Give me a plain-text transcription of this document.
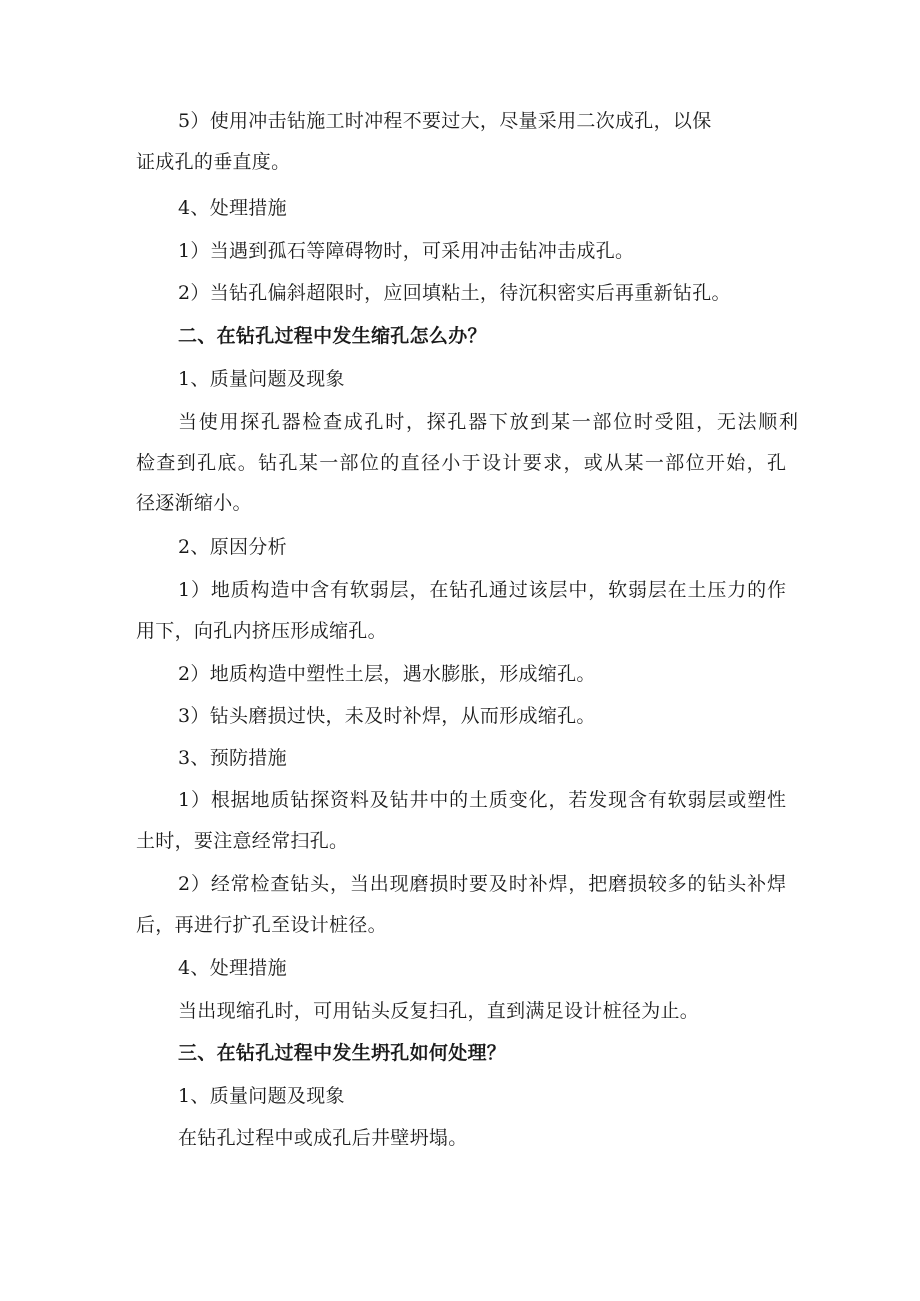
5）使用冲击钻施工时冲程不要过大，尽量采用二次成孔，以保
证成孔的垂直度。
4、处理措施
1）当遇到孤石等障碍物时，可采用冲击钻冲击成孔。
2）当钻孔偏斜超限时，应回填粘土，待沉积密实后再重新钻孔。
二、在钻孔过程中发生缩孔怎么办？
1、质量问题及现象
当使用探孔器检查成孔时，探孔器下放到某一部位时受阻，无法顺利
检查到孔底。钻孔某一部位的直径小于设计要求，或从某一部位开始，孔
径逐渐缩小。
2、原因分析
1）地质构造中含有软弱层，在钻孔通过该层中，软弱层在土压力的作
用下，向孔内挤压形成缩孔。
2）地质构造中塑性土层，遇水膨胀，形成缩孔。
3）钻头磨损过快，未及时补焊，从而形成缩孔。
3、预防措施
1）根据地质钻探资料及钻井中的土质变化，若发现含有软弱层或塑性
土时，要注意经常扫孔。
2）经常检查钻头，当出现磨损时要及时补焊，把磨损较多的钻头补焊
后，再进行扩孔至设计桩径。
4、处理措施
当出现缩孔时，可用钻头反复扫孔，直到满足设计桩径为止。
三、在钻孔过程中发生坍孔如何处理？
1、质量问题及现象
在钻孔过程中或成孔后井壁坍塌。
